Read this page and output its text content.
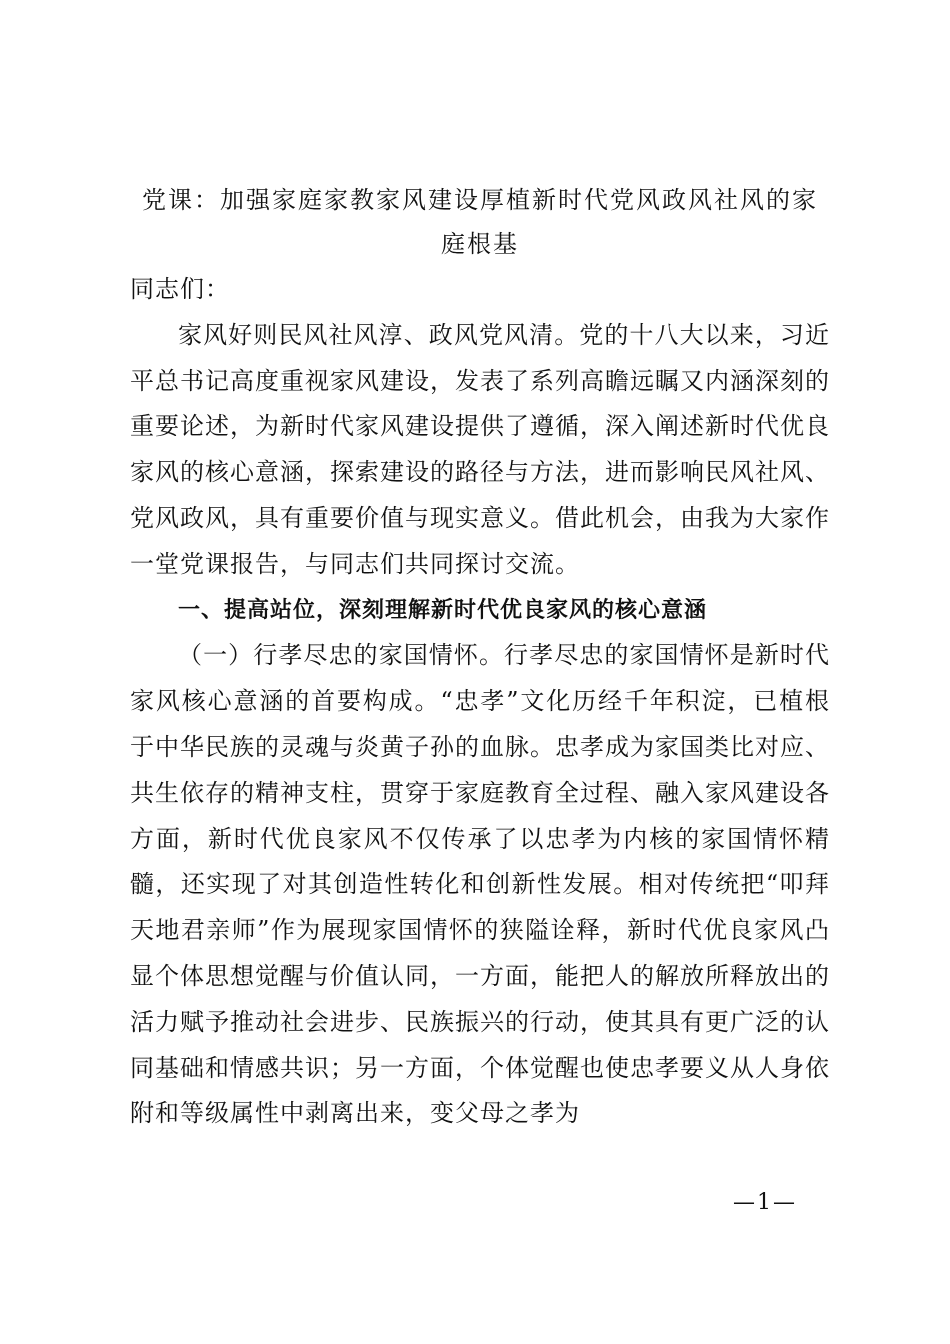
党课：加强家庭家教家风建设厚植新时代党风政风社风的家庭根基

同志们：

家风好则民风社风淳、政风党风清。党的十八大以来，习近平总书记高度重视家风建设，发表了系列高瞻远瞩又内涵深刻的重要论述，为新时代家风建设提供了遵循，深入阐述新时代优良家风的核心意涵，探索建设的路径与方法，进而影响民风社风、党风政风，具有重要价值与现实意义。借此机会，由我为大家作一堂党课报告，与同志们共同探讨交流。

一、提高站位，深刻理解新时代优良家风的核心意涵

（一）行孝尽忠的家国情怀。行孝尽忠的家国情怀是新时代家风核心意涵的首要构成。“忠孝”文化历经千年积淀，已植根于中华民族的灵魂与炎黄子孙的血脉。忠孝成为家国类比对应、共生依存的精神支柱，贯穿于家庭教育全过程、融入家风建设各方面，新时代优良家风不仅传承了以忠孝为内核的家国情怀精髓，还实现了对其创造性转化和创新性发展。相对传统把“叩拜天地君亲师”作为展现家国情怀的狭隘诠释，新时代优良家风凸显个体思想觉醒与价值认同，一方面，能把人的解放所释放出的活力赋予推动社会进步、民族振兴的行动，使其具有更广泛的认同基础和情感共识；另一方面，个体觉醒也使忠孝要义从人身依附和等级属性中剥离出来，变父母之孝为

—1—
